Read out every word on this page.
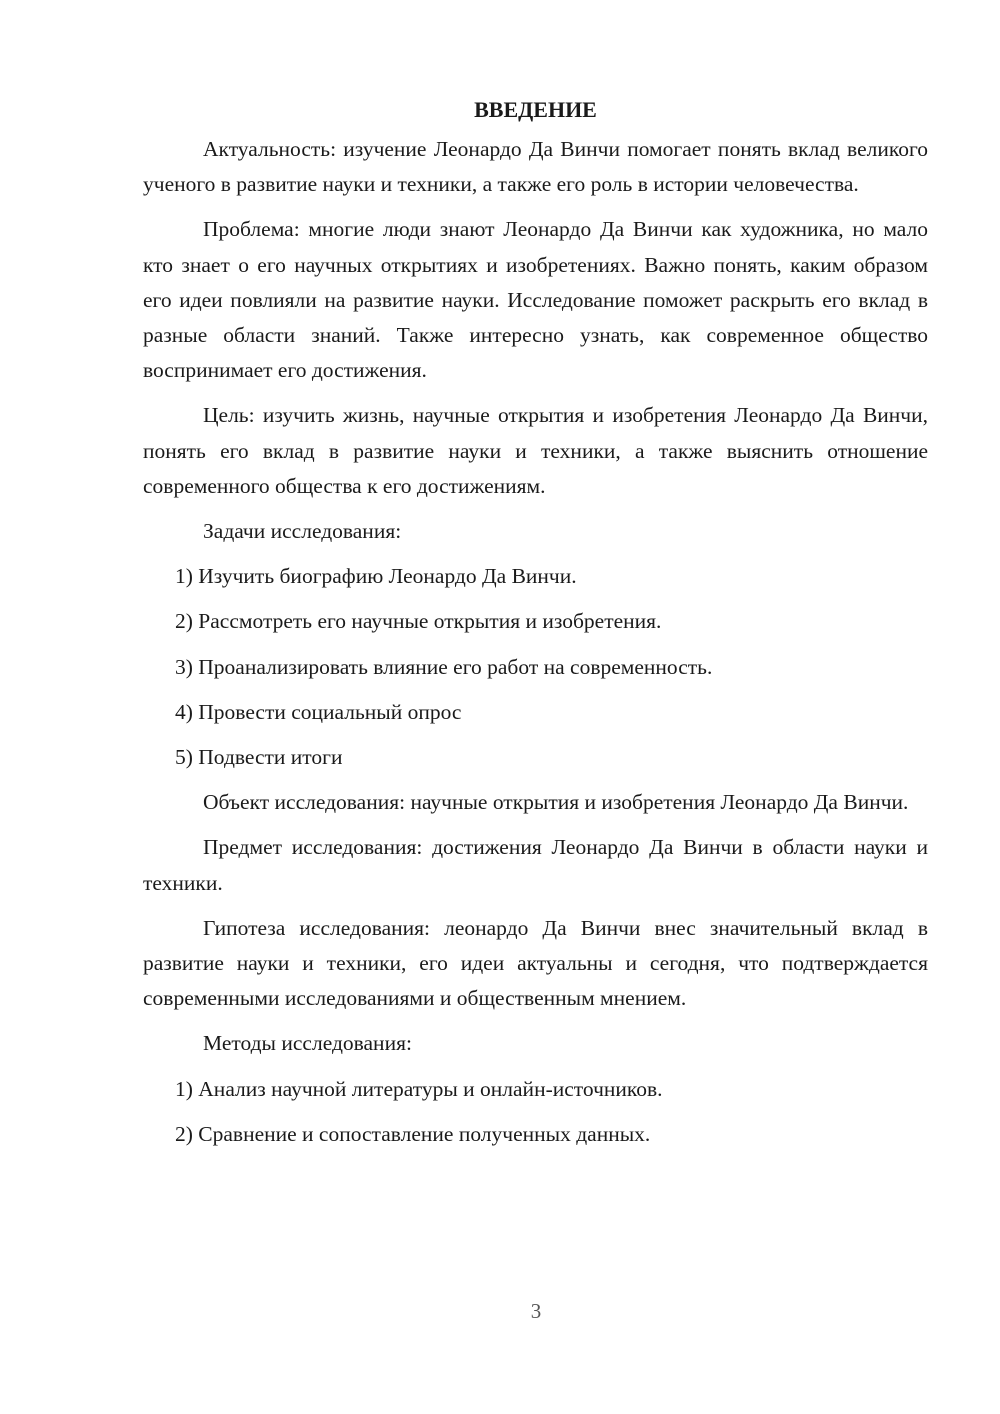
ВВЕДЕНИЕ

Актуальность: изучение Леонардо Да Винчи помогает понять вклад великого ученого в развитие науки и техники, а также его роль в истории человечества.

Проблема: многие люди знают Леонардо Да Винчи как художника, но мало кто знает о его научных открытиях и изобретениях. Важно понять, каким образом его идеи повлияли на развитие науки. Исследование поможет раскрыть его вклад в разные области знаний. Также интересно узнать, как современное общество воспринимает его достижения.

Цель: изучить жизнь, научные открытия и изобретения Леонардо Да Винчи, понять его вклад в развитие науки и техники, а также выяснить отношение современного общества к его достижениям.

Задачи исследования:

1) Изучить биографию Леонардо Да Винчи.

2) Рассмотреть его научные открытия и изобретения.

3) Проанализировать влияние его работ на современность.

4) Провести социальный опрос

5) Подвести итоги

Объект исследования: научные открытия и изобретения Леонардо Да Винчи.

Предмет исследования: достижения Леонардо Да Винчи в области науки и техники.

Гипотеза исследования: леонардо Да Винчи внес значительный вклад в развитие науки и техники, его идеи актуальны и сегодня, что подтверждается современными исследованиями и общественным мнением.

Методы исследования:

1) Анализ научной литературы и онлайн-источников.

2) Сравнение и сопоставление полученных данных.

3
